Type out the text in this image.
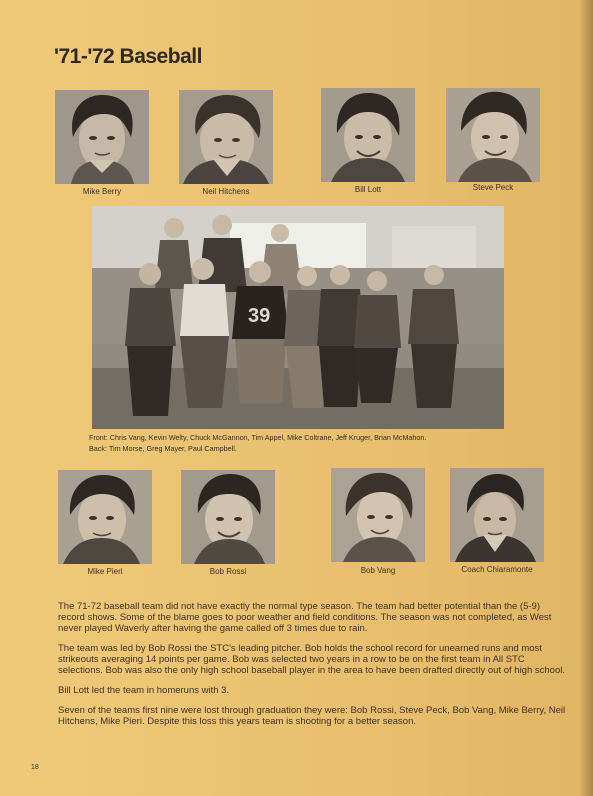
'71-'72 Baseball
Mike Berry	Neil Hitchens	Bill Lott	Steve Peck
39
Front: Chris Vang, Kevin Welty, Chuck McGannon, Tim Appel, Mike Coltrane, Jeff Kruger, Brian McMahon.
Back: Tim Morse, Greg Mayer, Paul Campbell.
Mike Pieri	Bob Rossi	Bob Vang	Coach Chiaramonte

The 71-72 baseball team did not have exactly the normal type season. The team had better potential than the (5-9) record shows. Some of the blame goes to poor weather and field conditions. The season was not completed, as West never played Waverly after having the game called off 3 times due to rain.

The team was led by Bob Rossi the STC's leading pitcher. Bob holds the school record for unearned runs and most strikeouts averaging 14 points per game. Bob was selected two years in a row to be on the first team in All STC selections. Bob was also the only high school baseball player in the area to have been drafted directly out of high school.

Bill Lott led the team in homeruns with 3.

Seven of the teams first nine were lost through graduation they were: Bob Rossi, Steve Peck, Bob Vang, Mike Berry, Neil Hitchens, Mike Pieri. Despite this loss this years team is shooting for a better season.

18
